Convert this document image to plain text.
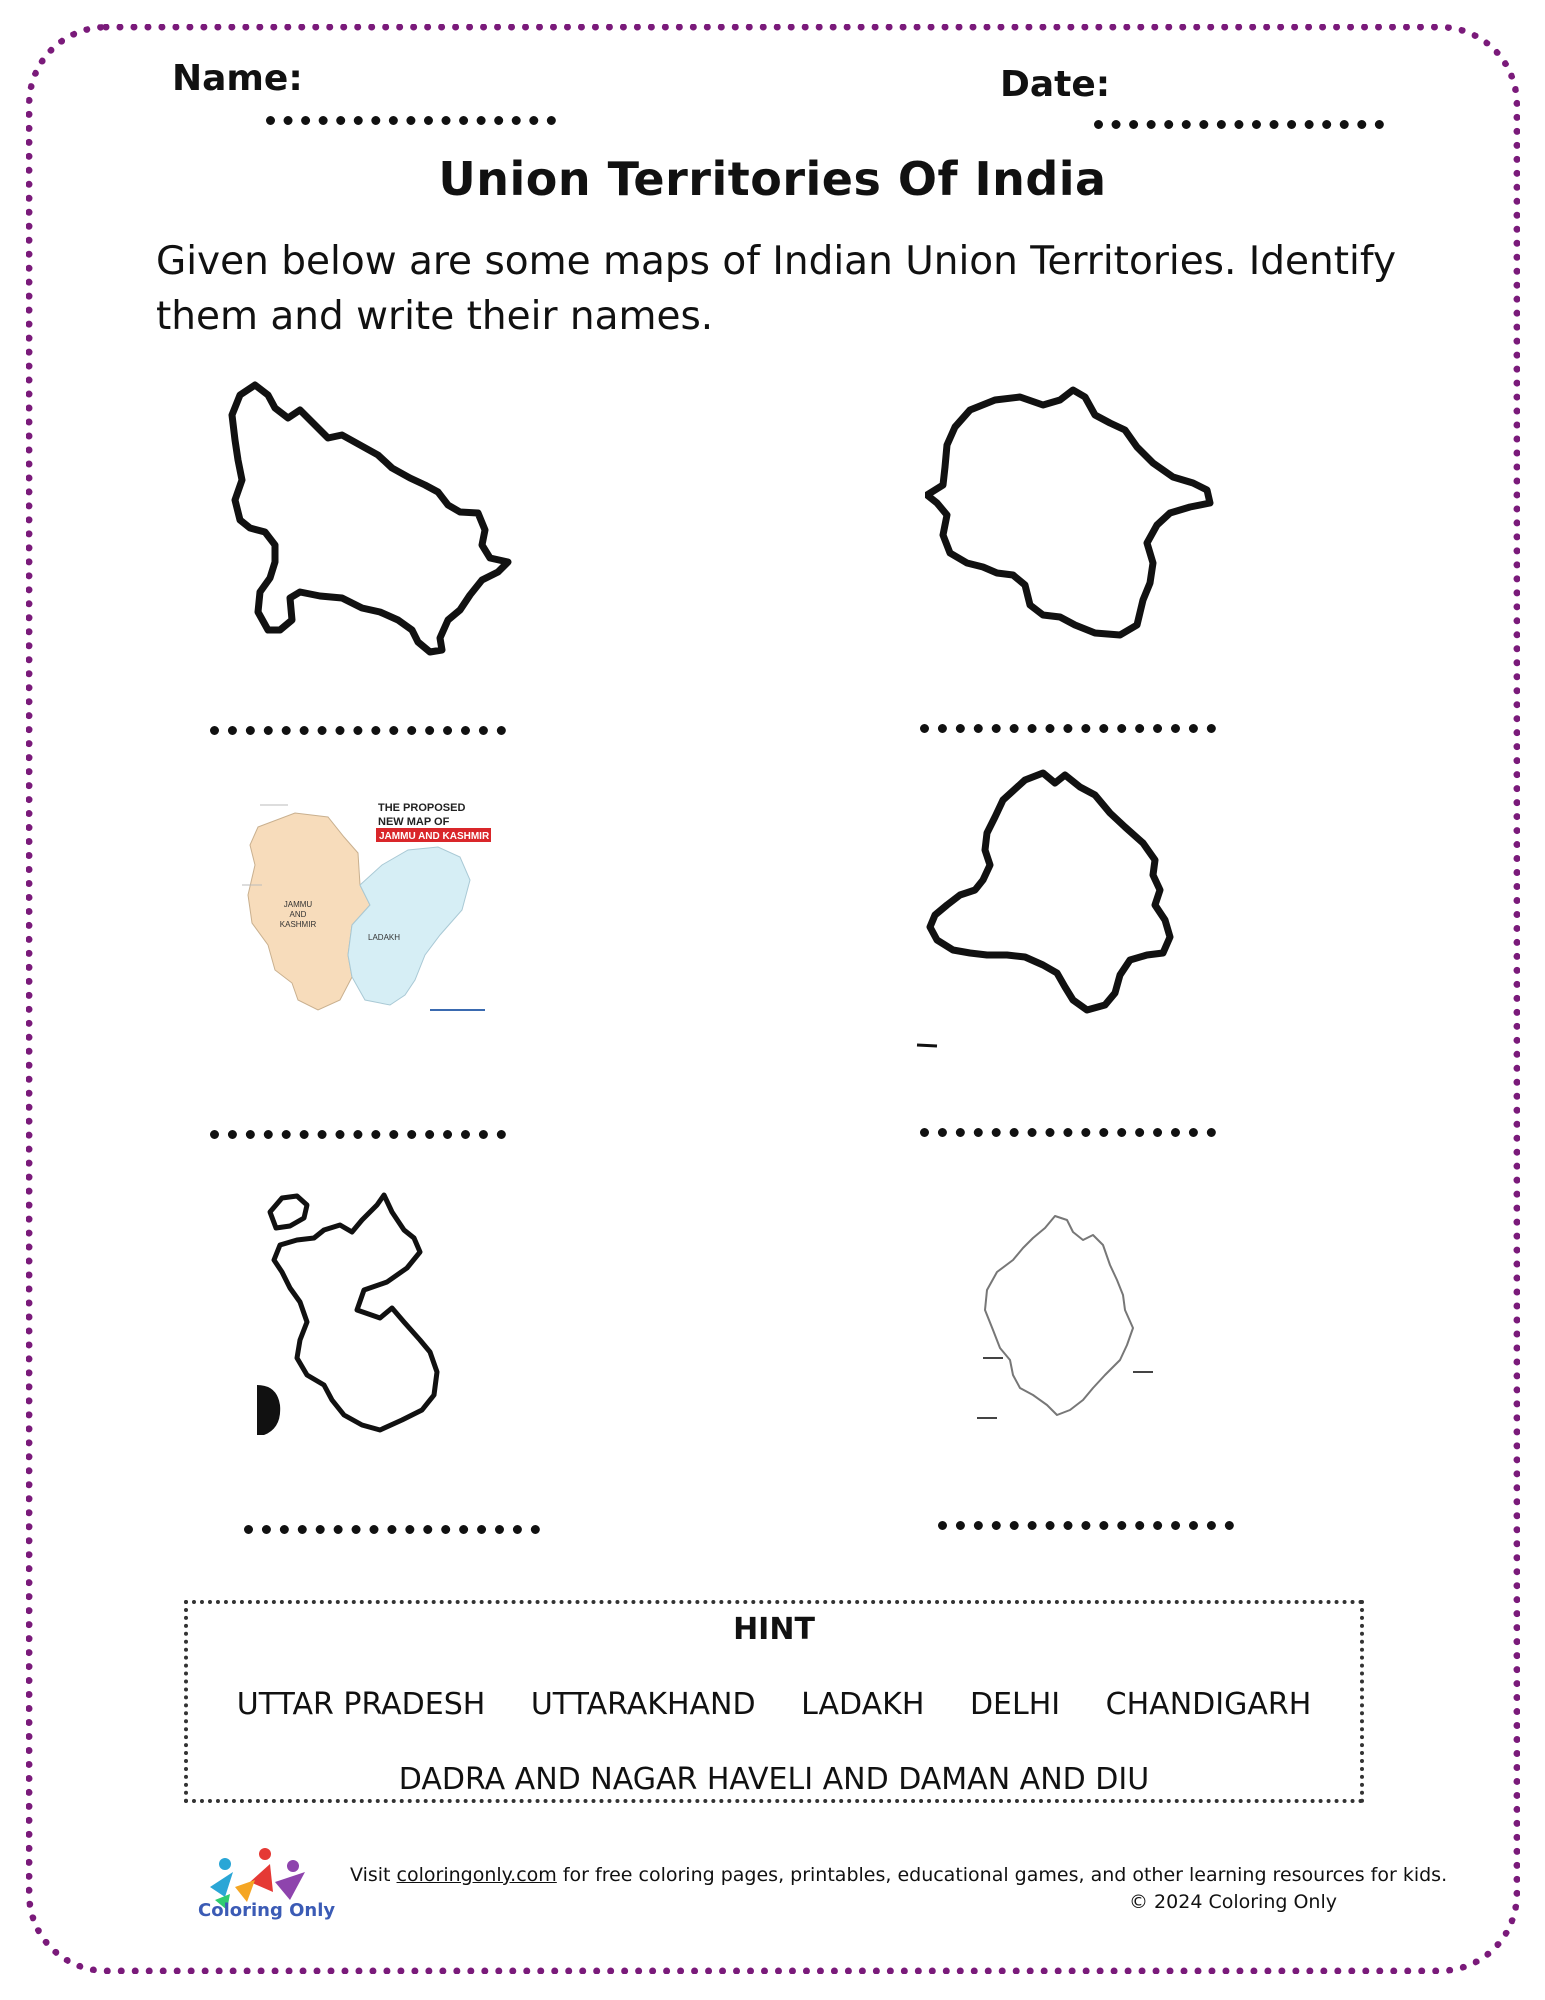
Name:	Date:
Union Territories Of India
Given below are some maps of Indian Union Territories. Identify them and write their names.
THE PROPOSED
NEW MAP OF
JAMMU AND KASHMIR
JAMMU
AND
KASHMIR
LADAKH
HINT
UTTAR PRADESH UTTARAKHAND LADAKH DELHI CHANDIGARH
DADRA AND NAGAR HAVELI AND DAMAN AND DIU
Coloring Only
Visit coloringonly.com for free coloring pages, printables, educational games, and other learning resources for kids.
© 2024 Coloring Only
